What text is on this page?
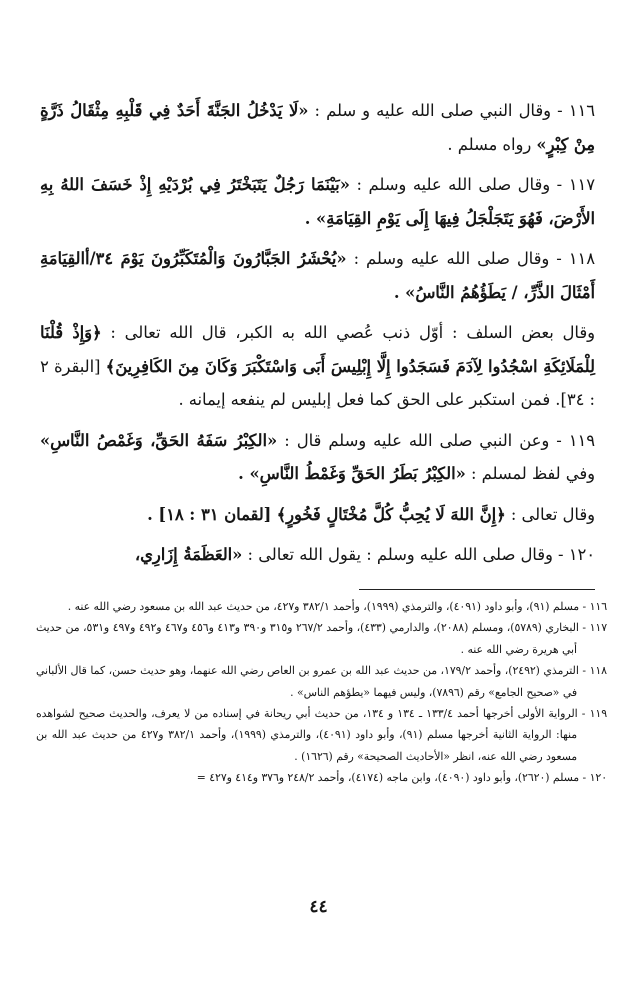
١١٦ - وقال النبي صلى الله عليه و سلم : «لَا يَدْخُلُ الجَنَّةَ أَحَدٌ فِي قَلْبِهِ مِثْقَالُ ذَرَّةٍ مِنْ كِبْرٍ» رواه مسلم .

١١٧ - وقال صلى الله عليه وسلم : «بَيْنَمَا رَجُلٌ يَتَبَخْتَرُ فِي بُرْدَيْهِ إِذْ خَسَفَ اللهُ بِهِ الأَرْضَ، فَهُوَ يَتَجَلْجَلُ فِيهَا إِلَى يَوْمِ القِيَامَةِ» .

١١٨ - وقال صلى الله عليه وسلم : «يُحْشَرُ الجَبَّارُونَ وَالْمُتَكَبِّرُونَ يَوْمَ ٣٤/أالقِيَامَةِ أَمْثَالَ الذَّرِّ، / يَطَؤُهُمُ النَّاسُ» .

وقال بعض السلف : أوّل ذنب عُصي الله به الكبر، قال الله تعالى : ﴿وَإِذْ قُلْنَا لِلْمَلَائِكَةِ اسْجُدُوا لِآدَمَ فَسَجَدُوا إِلَّا إِبْلِيسَ أَبَى وَاسْتَكْبَرَ وَكَانَ مِنَ الكَافِرِينَ﴾ [البقرة ٢ : ٣٤]. فمن استكبر على الحق كما فعل إبليس لم ينفعه إيمانه .

١١٩ - وعن النبي صلى الله عليه وسلم قال : «الكِبْرُ سَفَهُ الحَقِّ، وَغَمْصُ النَّاسِ» وفي لفظ لمسلم : «الكِبْرُ بَطَرُ الحَقِّ وَغَمْطُ النَّاسِ» .

وقال تعالى : ﴿إِنَّ اللهَ لَا يُحِبُّ كُلَّ مُخْتَالٍ فَخُورٍ﴾ [لقمان ٣١ : ١٨] .

١٢٠ - وقال صلى الله عليه وسلم : يقول الله تعالى : «العَظَمَةُ إِزَارِي،

١١٦ - مسلم (٩١)، وأبو داود (٤٠٩١)، والترمذي (١٩٩٩)، وأحمد ٣٨٢/١ و٤٢٧، من حديث عبد الله بن مسعود رضي الله عنه .

١١٧ - البخاري (٥٧٨٩)، ومسلم (٢٠٨٨)، والدارمي (٤٣٣)، وأحمد ٢٦٧/٢ و٣١٥ و٣٩٠ و٤١٣ و٤٥٦ و٤٦٧ و٤٩٢ و٤٩٧ و٥٣١، من حديث أبي هريرة رضي الله عنه .

١١٨ - الترمذي (٢٤٩٢)، وأحمد ١٧٩/٢، من حديث عبد الله بن عمرو بن العاص رضي الله عنهما، وهو حديث حسن، كما قال الألباني في «صحيح الجامع» رقم (٧٨٩٦)، وليس فيهما «يطؤهم الناس» .

١١٩ - الرواية الأولى أخرجها أحمد ١٣٣/٤ ـ ١٣٤ و ١٣٤، من حديث أبي ريحانة في إسناده من لا يعرف، والحديث صحيح لشواهده منها: الرواية الثانية أخرجها مسلم (٩١)، وأبو داود (٤٠٩١)، والترمذي (١٩٩٩)، وأحمد ٣٨٢/١ و٤٢٧ من حديث عبد الله بن مسعود رضي الله عنه، انظر «الأحاديث الصحيحة» رقم (١٦٢٦) .

١٢٠ - مسلم (٢٦٢٠)، وأبو داود (٤٠٩٠)، وابن ماجه (٤١٧٤)، وأحمد ٢٤٨/٢ و٣٧٦ و٤١٤ و٤٢٧ =

٤٤
